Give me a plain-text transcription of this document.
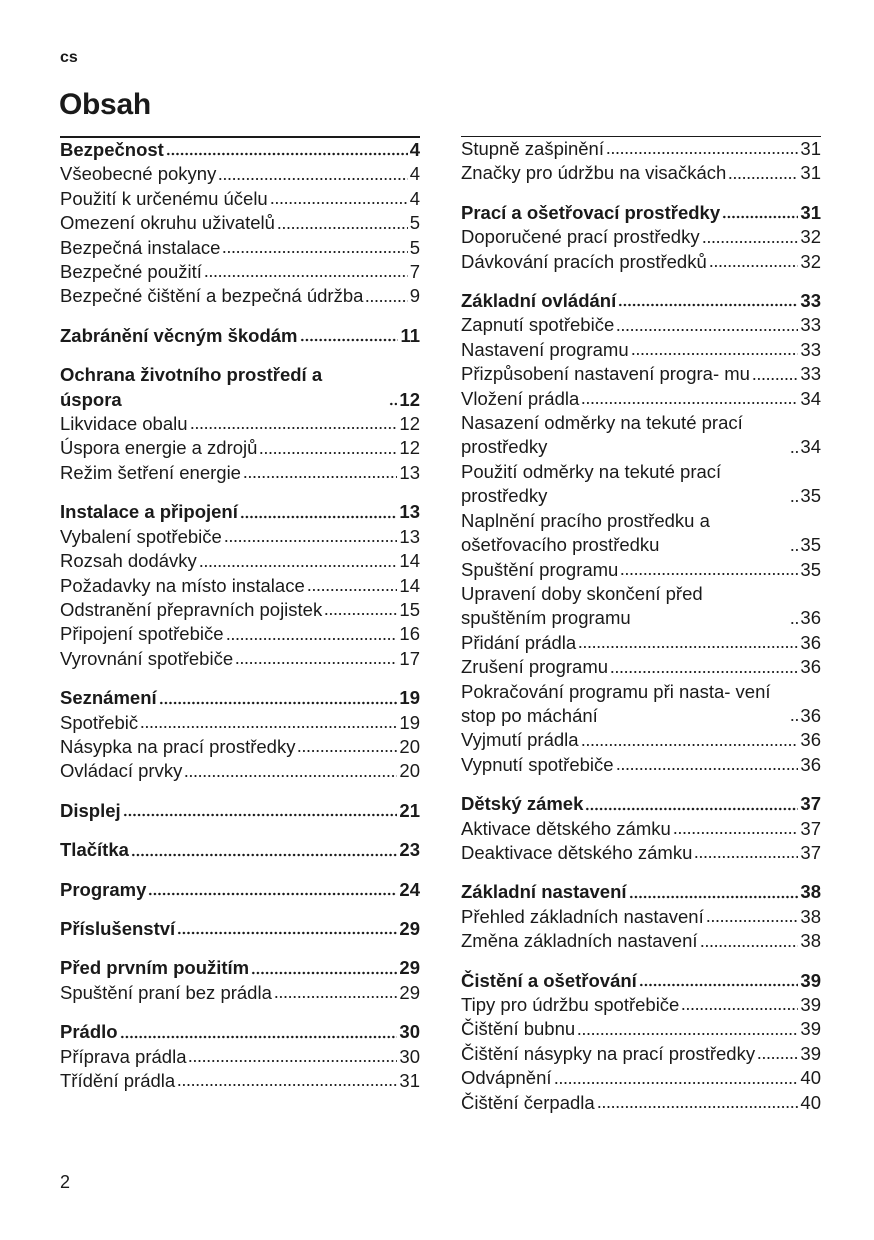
cs
Obsah
Bezpečnost	4
Všeobecné pokyny	4
Použití k určenému účelu	4
Omezení okruhu uživatelů	5
Bezpečná instalace	5
Bezpečné použití	7
Bezpečné čištění a bezpečná údržba	9
Zabránění věcným škodám	11
Ochrana životního prostředí a úspora	12
Likvidace obalu	12
Úspora energie a zdrojů	12
Režim šetření energie	13
Instalace a připojení	13
Vybalení spotřebiče	13
Rozsah dodávky	14
Požadavky na místo instalace	14
Odstranění přepravních pojistek	15
Připojení spotřebiče	16
Vyrovnání spotřebiče	17
Seznámení	19
Spotřebič	19
Násypka na prací prostředky	20
Ovládací prvky	20
Displej	21
Tlačítka	23
Programy	24
Příslušenství	29
Před prvním použitím	29
Spuštění praní bez prádla	29
Prádlo	30
Příprava prádla	30
Třídění prádla	31
Stupně zašpinění	31
Značky pro údržbu na visačkách	31
Prací a ošetřovací prostředky	31
Doporučené prací prostředky	32
Dávkování pracích prostředků	32
Základní ovládání	33
Zapnutí spotřebiče	33
Nastavení programu	33
Přizpůsobení nastavení progra- mu	33
Vložení prádla	34
Nasazení odměrky na tekuté prací prostředky	34
Použití odměrky na tekuté prací prostředky	35
Naplnění pracího prostředku a ošetřovacího prostředku	35
Spuštění programu	35
Upravení doby skončení před spuštěním programu	36
Přidání prádla	36
Zrušení programu	36
Pokračování programu při nasta- vení stop po máchání	36
Vyjmutí prádla	36
Vypnutí spotřebiče	36
Dětský zámek	37
Aktivace dětského zámku	37
Deaktivace dětského zámku	37
Základní nastavení	38
Přehled základních nastavení	38
Změna základních nastavení	38
Čistění a ošetřování	39
Tipy pro údržbu spotřebiče	39
Čištění bubnu	39
Čištění násypky na prací prostředky 39
Odvápnění	40
Čištění čerpadla	40
2
